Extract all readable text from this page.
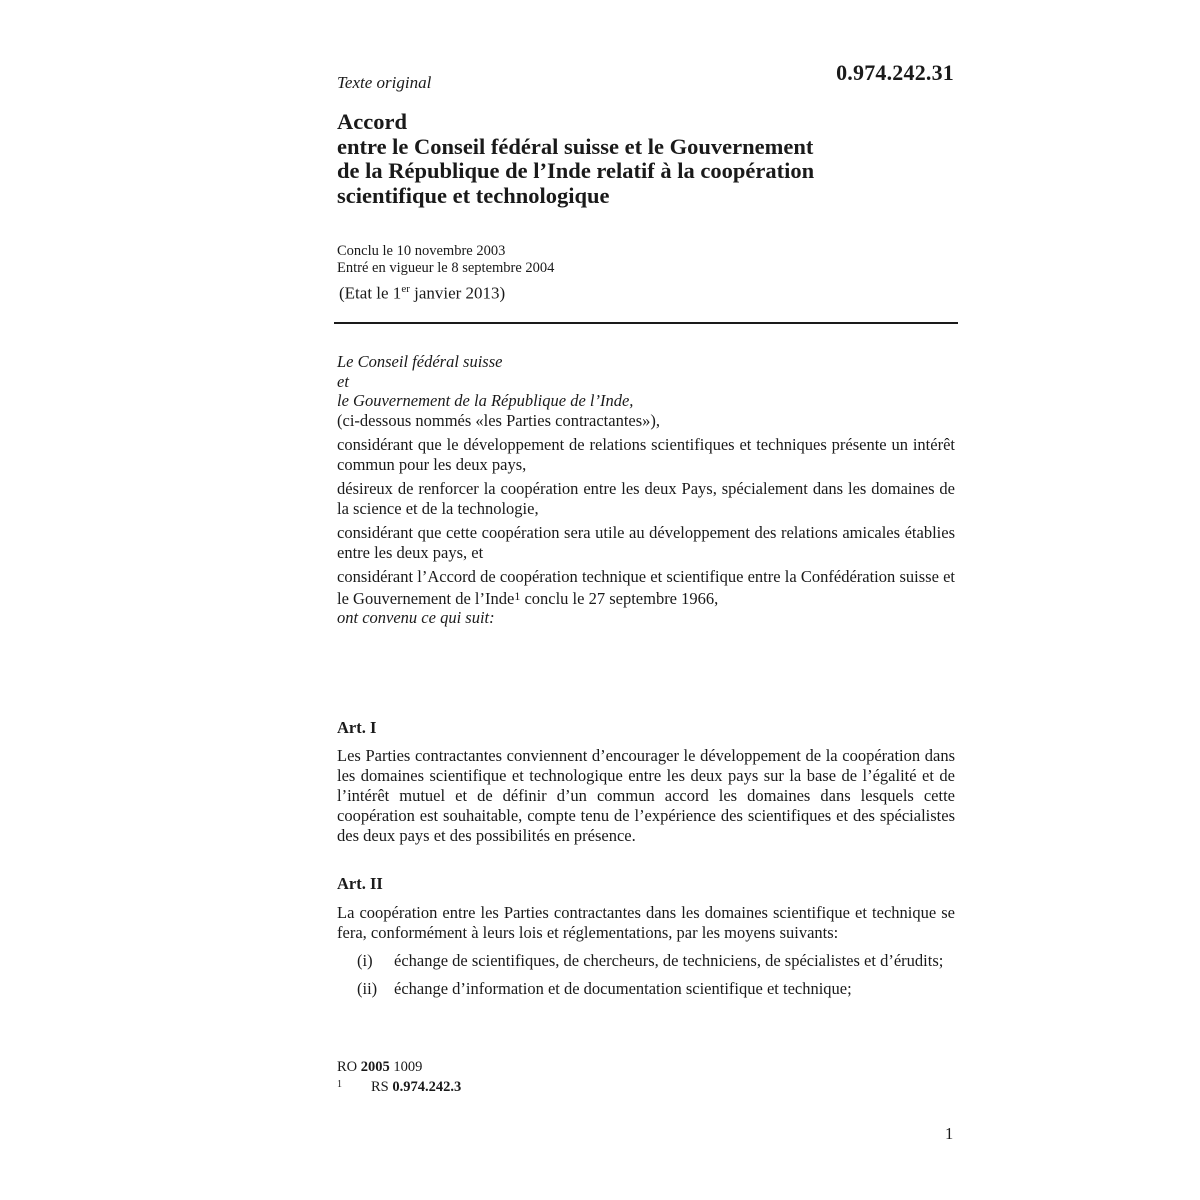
Texte original	0.974.242.31
Accord
entre le Conseil fédéral suisse et le Gouvernement
de la République de l’Inde relatif à la coopération
scientifique et technologique
Conclu le 10 novembre 2003
Entré en vigueur le 8 septembre 2004
(Etat le 1er janvier 2013)
Le Conseil fédéral suisse
et
le Gouvernement de la République de l’Inde,
(ci-dessous nommés «les Parties contractantes»),
considérant que le développement de relations scientifiques et techniques présente un intérêt commun pour les deux pays,
désireux de renforcer la coopération entre les deux Pays, spécialement dans les domaines de la science et de la technologie,
considérant que cette coopération sera utile au développement des relations amicales établies entre les deux pays, et
considérant l’Accord de coopération technique et scientifique entre la Confédération suisse et le Gouvernement de l’Inde$^1$ conclu le 27 septembre 1966,
ont convenu ce qui suit:
Art. I
Les Parties contractantes conviennent d’encourager le développement de la coopération dans les domaines scientifique et technologique entre les deux pays sur la base de l’égalité et de l’intérêt mutuel et de définir d’un commun accord les domaines dans lesquels cette coopération est souhaitable, compte tenu de l’expérience des scientifiques et des spécialistes des deux pays et des possibilités en présence.
Art. II
La coopération entre les Parties contractantes dans les domaines scientifique et technique se fera, conformément à leurs lois et réglementations, par les moyens suivants:
(i)	échange de scientifiques, de chercheurs, de techniciens, de spécialistes et d’érudits;
(ii)	échange d’information et de documentation scientifique et technique;
RO 2005 1009
1 RS 0.974.242.3
1
